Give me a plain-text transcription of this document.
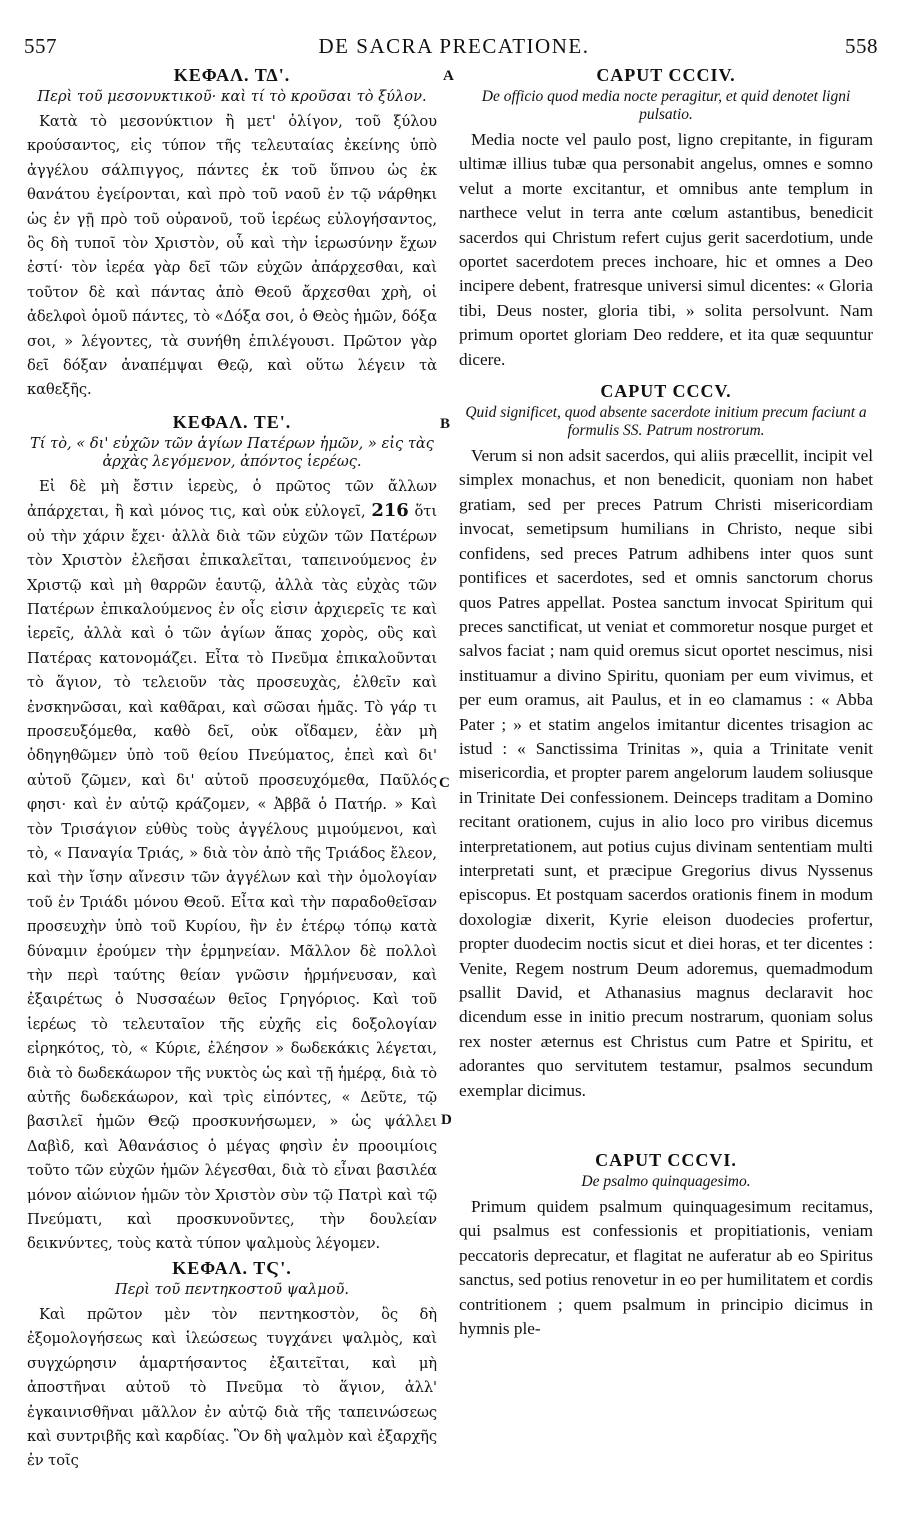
557	DE SACRA PRECATIONE.	558
A
B
C
D
ΚΕΦΑΛ. ΤΔ'.
Περὶ τοῦ μεσονυκτικοῦ· καὶ τί τὸ κροῦσαι τὸ ξύλον.

Κατὰ τὸ μεσονύκτιον ἢ μετ' ὀλίγον, τοῦ ξύλου κρούσαντος, εἰς τύπον τῆς τελευταίας ἐκείνης ὑπὸ ἀγγέλου σάλπιγγος, πάντες ἐκ τοῦ ὕπνου ὡς ἐκ θανάτου ἐγείρονται, καὶ πρὸ τοῦ ναοῦ ἐν τῷ νάρθηκι ὡς ἐν γῇ πρὸ τοῦ οὐρανοῦ, τοῦ ἱερέως εὐλογήσαντος, ὃς δὴ τυποῖ τὸν Χριστὸν, οὗ καὶ τὴν ἱερωσύνην ἔχων ἐστί· τὸν ἱερέα γὰρ δεῖ τῶν εὐχῶν ἀπάρχεσθαι, καὶ τοῦτον δὲ καὶ πάντας ἀπὸ Θεοῦ ἄρχεσθαι χρὴ, οἱ ἀδελφοὶ ὁμοῦ πάντες, τὸ «Δόξα σοι, ὁ Θεὸς ἡμῶν, δόξα σοι, » λέγοντες, τὰ συνήθη ἐπιλέγουσι. Πρῶτον γὰρ δεῖ δόξαν ἀναπέμψαι Θεῷ, καὶ οὕτω λέγειν τὰ καθεξῆς.

ΚΕΦΑΛ. ΤΕ'.
Τί τὸ, « δι' εὐχῶν τῶν ἁγίων Πατέρων ἡμῶν, » εἰς τὰς ἀρχὰς λεγόμενον, ἀπόντος ἱερέως.

Εἰ δὲ μὴ ἔστιν ἱερεὺς, ὁ πρῶτος τῶν ἄλλων ἀπάρχεται, ἢ καὶ μόνος τις, καὶ οὐκ εὐλογεῖ, 216 ὅτι οὐ τὴν χάριν ἔχει· ἀλλὰ διὰ τῶν εὐχῶν τῶν Πατέρων τὸν Χριστὸν ἐλεῆσαι ἐπικαλεῖται, ταπεινούμενος ἐν Χριστῷ καὶ μὴ θαρρῶν ἑαυτῷ, ἀλλὰ τὰς εὐχὰς τῶν Πατέρων ἐπικαλούμενος ἐν οἷς εἰσιν ἀρχιερεῖς τε καὶ ἱερεῖς, ἀλλὰ καὶ ὁ τῶν ἁγίων ἅπας χορὸς, οὓς καὶ Πατέρας κατονομάζει. Εἶτα τὸ Πνεῦμα ἐπικαλοῦνται τὸ ἅγιον, τὸ τελειοῦν τὰς προσευχὰς, ἐλθεῖν καὶ ἐνσκηνῶσαι, καὶ καθᾶραι, καὶ σῶσαι ἡμᾶς. Τὸ γάρ τι προσευξόμεθα, καθὸ δεῖ, οὐκ οἴδαμεν, ἐὰν μὴ ὁδηγηθῶμεν ὑπὸ τοῦ θείου Πνεύματος, ἐπεὶ καὶ δι' αὐτοῦ ζῶμεν, καὶ δι' αὐτοῦ προσευχόμεθα, Παῦλός φησι· καὶ ἐν αὐτῷ κράζομεν, « Ἀββᾶ ὁ Πατήρ. » Καὶ τὸν Τρισάγιον εὐθὺς τοὺς ἀγγέλους μιμούμενοι, καὶ τὸ, « Παναγία Τριάς, » διὰ τὸν ἀπὸ τῆς Τριάδος ἔλεον, καὶ τὴν ἴσην αἴνεσιν τῶν ἀγγέλων καὶ τὴν ὁμολογίαν τοῦ ἐν Τριάδι μόνου Θεοῦ. Εἶτα καὶ τὴν παραδοθεῖσαν προσευχὴν ὑπὸ τοῦ Κυρίου, ἣν ἐν ἑτέρῳ τόπῳ κατὰ δύναμιν ἐρούμεν τὴν ἑρμηνείαν. Μᾶλλον δὲ πολλοὶ τὴν περὶ ταύτης θείαν γνῶσιν ἡρμήνευσαν, καὶ ἐξαιρέτως ὁ Νυσσαέων θεῖος Γρηγόριος. Καὶ τοῦ ἱερέως τὸ τελευταῖον τῆς εὐχῆς εἰς δοξολογίαν εἰρηκότος, τὸ, « Κύριε, ἐλέησον » δωδεκάκις λέγεται, διὰ τὸ δωδεκάωρον τῆς νυκτὸς ὡς καὶ τῇ ἡμέρᾳ, διὰ τὸ αὐτῆς δωδεκάωρον, καὶ τρὶς εἰπόντες, « Δεῦτε, τῷ βασιλεῖ ἡμῶν Θεῷ προσκυνήσωμεν, » ὡς ψάλλει Δαβὶδ, καὶ Ἀθανάσιος ὁ μέγας φησὶν ἐν προοιμίοις τοῦτο τῶν εὐχῶν ἡμῶν λέγεσθαι, διὰ τὸ εἶναι βασιλέα μόνον αἰώνιον ἡμῶν τὸν Χριστὸν σὺν τῷ Πατρὶ καὶ τῷ Πνεύματι, καὶ προσκυνοῦντες, τὴν δουλείαν δεικνύντες, τοὺς κατὰ τύπον ψαλμοὺς λέγομεν.

ΚΕΦΑΛ. ΤϚ'.
Περὶ τοῦ πεντηκοστοῦ ψαλμοῦ.

Καὶ πρῶτον μὲν τὸν πεντηκοστὸν, ὃς δὴ ἐξομολογήσεως καὶ ἱλεώσεως τυγχάνει ψαλμὸς, καὶ συγχώρησιν ἁμαρτήσαντος ἐξαιτεῖται, καὶ μὴ ἀποστῆναι αὐτοῦ τὸ Πνεῦμα τὸ ἅγιον, ἀλλ' ἐγκαινισθῆναι μᾶλλον ἐν αὐτῷ διὰ τῆς ταπεινώσεως καὶ συντριβῆς καὶ καρδίας. Ὃν δὴ ψαλμὸν καὶ ἐξαρχῆς ἐν τοῖς

CAPUT CCCIV.
De officio quod media nocte peragitur, et quid denotet ligni pulsatio.

Media nocte vel paulo post, ligno crepitante, in figuram ultimæ illius tubæ qua personabit angelus, omnes e somno velut a morte excitantur, et omnibus ante templum in narthece velut in terra ante cœlum astantibus, benedicit sacerdos qui Christum refert cujus gerit sacerdotium, unde oportet sacerdotem preces inchoare, hic et omnes a Deo incipere debent, fratresque universi simul dicentes: « Gloria tibi, Deus noster, gloria tibi, » solita persolvunt. Nam primum oportet gloriam Deo reddere, et ita quæ sequuntur dicere.

CAPUT CCCV.
Quid significet, quod absente sacerdote initium precum faciunt a formulis SS. Patrum nostrorum.

Verum si non adsit sacerdos, qui aliis præcellit, incipit vel simplex monachus, et non benedicit, quoniam non habet gratiam, sed per preces Patrum Christi misericordiam invocat, semetipsum humilians in Christo, neque sibi confidens, sed preces Patrum adhibens inter quos sunt pontifices et sacerdotes, sed et omnis sanctorum chorus quos Patres appellat. Postea sanctum invocat Spiritum qui preces sanctificat, ut veniat et commoretur nosque purget et salvos faciat ; nam quid oremus sicut oportet nescimus, nisi instituamur a divino Spiritu, quoniam per eum vivimus, et per eum oramus, ait Paulus, et in eo clamamus : « Abba Pater ; » et statim angelos imitantur dicentes trisagion ac istud : « Sanctissima Trinitas », quia a Trinitate venit misericordia, et propter parem angelorum laudem soliusque in Trinitate Dei confessionem. Deinceps traditam a Domino recitant orationem, cujus in alio loco pro viribus dicemus interpretationem, aut potius cujus divinam sententiam multi interpretati sunt, et præcipue Gregorius divus Nyssenus episcopus. Et postquam sacerdos orationis finem in modum doxologiæ dixerit, Kyrie eleison duodecies profertur, propter duodecim noctis sicut et diei horas, et ter dicentes : Venite, Regem nostrum Deum adoremus, quemadmodum psallit David, et Athanasius magnus declaravit hoc dicendum esse in initio precum nostrarum, quoniam solus rex noster æternus est Christus cum Patre et Spiritu, et adorantes quo servitutem testamur, psalmos secundum exemplar dicimus.

CAPUT CCCVI.
De psalmo quinquagesimo.

Primum quidem psalmum quinquagesimum recitamus, qui psalmus est confessionis et propitiationis, veniam peccatoris deprecatur, et flagitat ne auferatur ab eo Spiritus sanctus, sed potius renovetur in eo per humilitatem et cordis contritionem ; quem psalmum in principio dicimus in hymnis ple-
